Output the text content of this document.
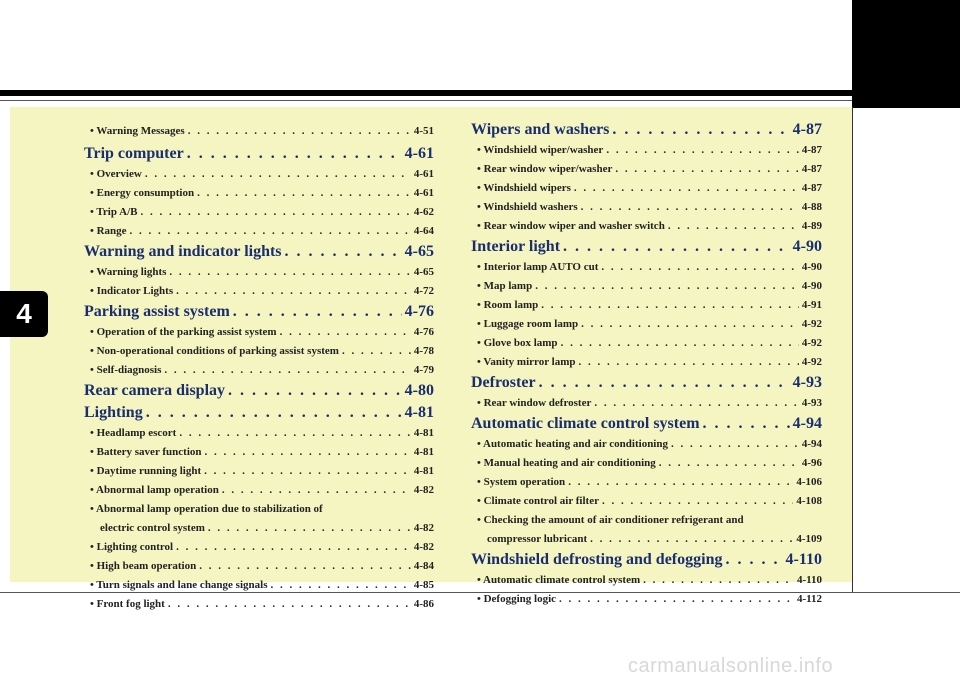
4
• Warning Messages . . .	4-51
Trip computer . . .	4-61
• Overview . . .	4-61
• Energy consumption . . .	4-61
• Trip A/B . . .	4-62
• Range . . .	4-64
Warning and indicator lights . . .	4-65
• Warning lights . . .	4-65
• Indicator Lights . . .	4-72
Parking assist system . . .	4-76
• Operation of the parking assist system . . .	4-76
• Non-operational conditions of parking assist system . . .	4-78
• Self-diagnosis . . .	4-79
Rear camera display . . .	4-80
Lighting . . .	4-81
• Headlamp escort . . .	4-81
• Battery saver function . . .	4-81
• Daytime running light . . .	4-81
• Abnormal lamp operation . . .	4-82
• Abnormal lamp operation due to stabilization of
electric control system . . .	4-82
• Lighting control . . .	4-82
• High beam operation . . .	4-84
• Turn signals and lane change signals . . .	4-85
• Front fog light . . .	4-86
Wipers and washers . . .	4-87
• Windshield wiper/washer . . .	4-87
• Rear window wiper/washer . . .	4-87
• Windshield wipers . . .	4-87
• Windshield washers . . .	4-88
• Rear window wiper and washer switch . . .	4-89
Interior light . . .	4-90
• Interior lamp AUTO cut . . .	4-90
• Map lamp . . .	4-90
• Room lamp . . .	4-91
• Luggage room lamp . . .	4-92
• Glove box lamp . . .	4-92
• Vanity mirror lamp . . .	4-92
Defroster . . .	4-93
• Rear window defroster . . .	4-93
Automatic climate control system . . .	4-94
• Automatic heating and air conditioning . . .	4-94
• Manual heating and air conditioning . . .	4-96
• System operation . . .	4-106
• Climate control air filter . . .	4-108
• Checking the amount of air conditioner refrigerant and
compressor lubricant . . .	4-109
Windshield defrosting and defogging . . .	4-110
• Automatic climate control system . . .	4-110
• Defogging logic . . .	4-112
carmanualsonline.info
